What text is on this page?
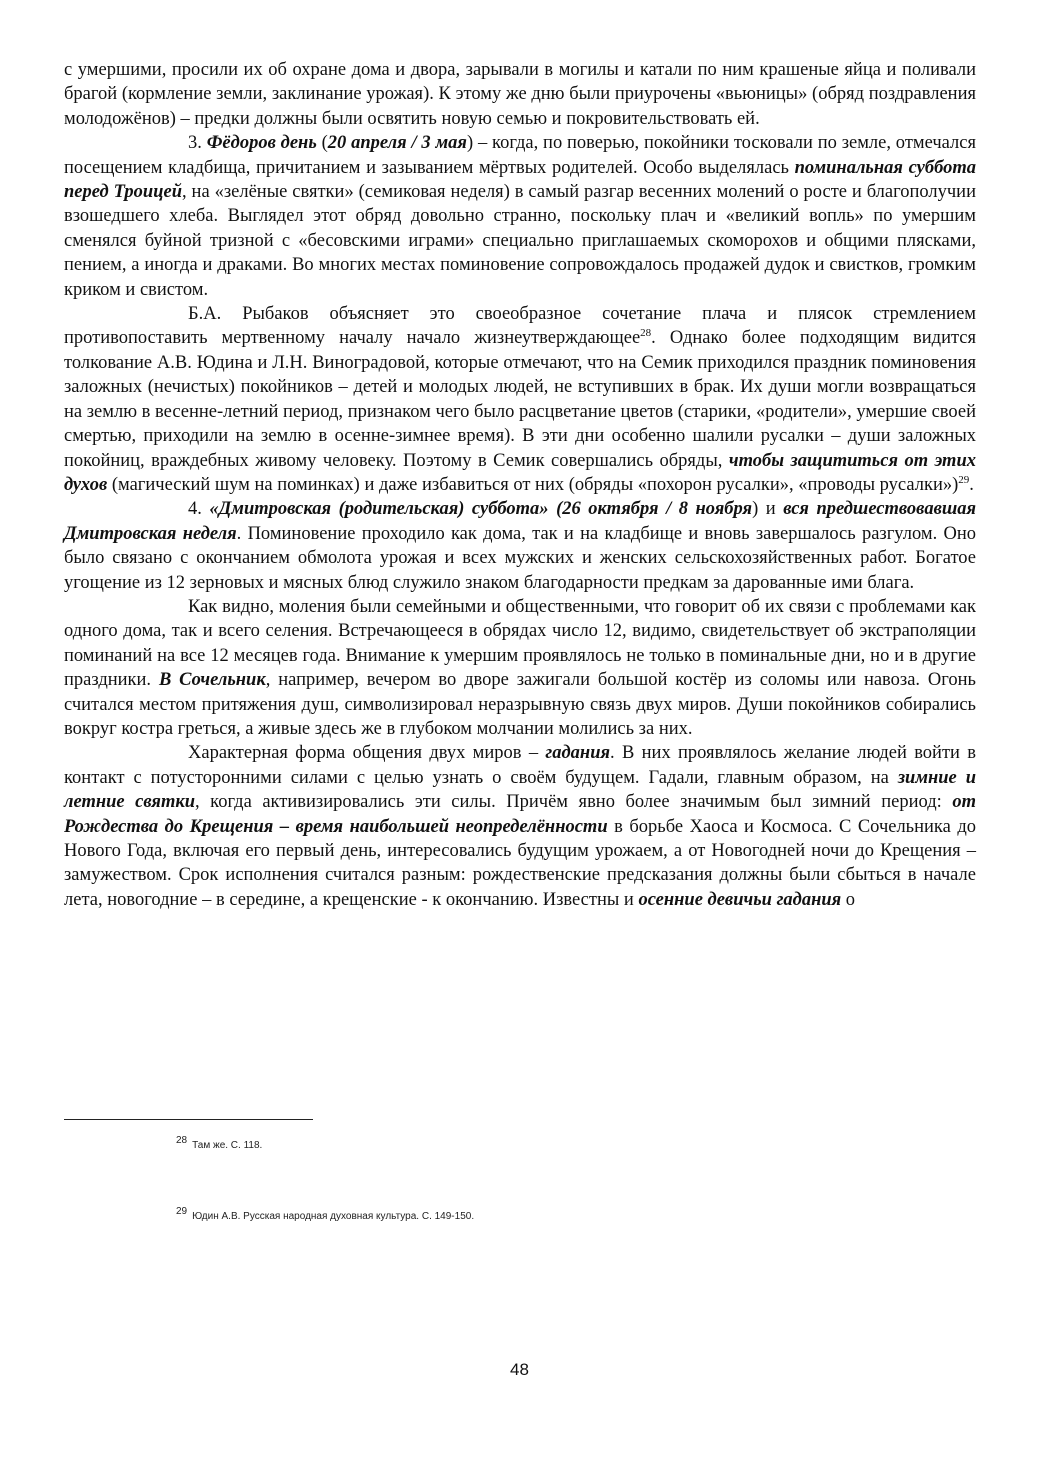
с умершими, просили их об охране дома и двора, зарывали в могилы и катали по ним крашеные яйца и поливали брагой (кормление земли, заклинание урожая). К этому же дню были приурочены «вьюницы» (обряд поздравления молодожёнов) – предки должны были освятить новую семью и покровительствовать ей.

3. Фёдоров день (20 апреля / 3 мая) – когда, по поверью, покойники тосковали по земле, отмечался посещением кладбища, причитанием и зазыванием мёртвых родителей. Особо выделялась поминальная суббота перед Троицей, на «зелёные святки» (семиковая неделя) в самый разгар весенних молений о росте и благополучии взошедшего хлеба. Выглядел этот обряд довольно странно, поскольку плач и «великий вопль» по умершим сменялся буйной тризной с «бесовскими играми» специально приглашаемых скоморохов и общими плясками, пением, а иногда и драками. Во многих местах поминовение сопровождалось продажей дудок и свистков, громким криком и свистом.

Б.А. Рыбаков объясняет это своеобразное сочетание плача и плясок стремлением противопоставить мертвенному началу начало жизнеутверждающее$^{28}$. Однако более подходящим видится толкование А.В. Юдина и Л.Н. Виноградовой, которые отмечают, что на Семик приходился праздник поминовения заложных (нечистых) покойников – детей и молодых людей, не вступивших в брак. Их души могли возвращаться на землю в весенне-летний период, признаком чего было расцветание цветов (старики, «родители», умершие своей смертью, приходили на землю в осенне-зимнее время). В эти дни особенно шалили русалки – души заложных покойниц, враждебных живому человеку. Поэтому в Семик совершались обряды, чтобы защититься от этих духов (магический шум на поминках) и даже избавиться от них (обряды «похорон русалки», «проводы русалки»)$^{29}$.

4. «Дмитровская (родительская) суббота» (26 октября / 8 ноября) и вся предшествовавшая Дмитровская неделя. Поминовение проходило как дома, так и на кладбище и вновь завершалось разгулом. Оно было связано с окончанием обмолота урожая и всех мужских и женских сельскохозяйственных работ. Богатое угощение из 12 зерновых и мясных блюд служило знаком благодарности предкам за дарованные ими блага.

Как видно, моления были семейными и общественными, что говорит об их связи с проблемами как одного дома, так и всего селения. Встречающееся в обрядах число 12, видимо, свидетельствует об экстраполяции поминаний на все 12 месяцев года. Внимание к умершим проявлялось не только в поминальные дни, но и в другие праздники. В Сочельник, например, вечером во дворе зажигали большой костёр из соломы или навоза. Огонь считался местом притяжения душ, символизировал неразрывную связь двух миров. Души покойников собирались вокруг костра греться, а живые здесь же в глубоком молчании молились за них.

Характерная форма общения двух миров – гадания. В них проявлялось желание людей войти в контакт с потусторонними силами с целью узнать о своём будущем. Гадали, главным образом, на зимние и летние святки, когда активизировались эти силы. Причём явно более значимым был зимний период: от Рождества до Крещения – время наибольшей неопределённости в борьбе Хаоса и Космоса. С Сочельника до Нового Года, включая его первый день, интересовались будущим урожаем, а от Новогодней ночи до Крещения – замужеством. Срок исполнения считался разным: рождественские предсказания должны были сбыться в начале лета, новогодние – в середине, а крещенские - к окончанию. Известны и осенние девичьи гадания о

$^{28}$ Там же. С. 118.
$^{29}$ Юдин А.В. Русская народная духовная культура. С. 149-150.
48
